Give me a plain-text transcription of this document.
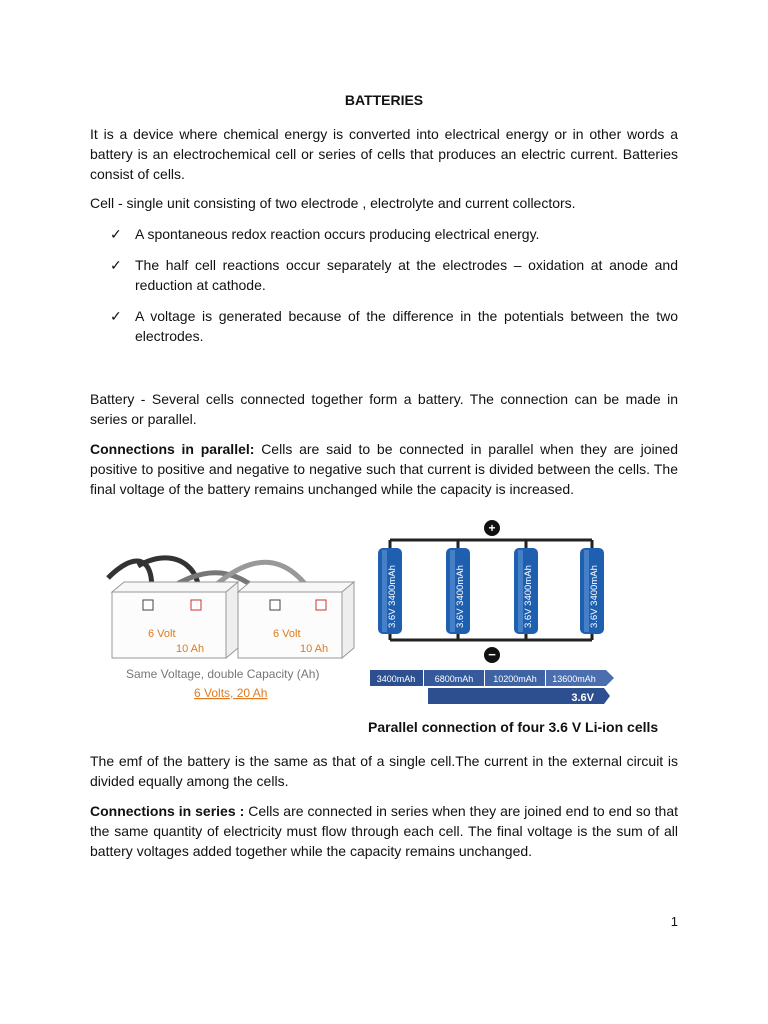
BATTERIES

It is a device where chemical energy is converted into electrical energy or in other words a battery is an electrochemical cell or series of cells that produces an electric current. Batteries consist of cells.

Cell - single unit consisting of two electrode , electrolyte and current collectors.

✓ A spontaneous redox reaction occurs producing electrical energy.
✓ The half cell reactions occur separately at the electrodes – oxidation at anode and reduction at cathode.
✓ A voltage is generated because of the difference in the potentials between the two electrodes.

Battery - Several cells connected together form a battery. The connection can be made in series or parallel.

Connections in parallel: Cells are said to be connected in parallel when they are joined positive to positive and negative to negative such that current is divided between the cells. The final voltage of the battery remains unchanged while the capacity is increased.

6 Volt
10 Ah
6 Volt
10 Ah
Same Voltage, double Capacity (Ah)
6 Volts, 20 Ah
+
−
3.6V 3400mAh	3.6V 3400mAh	3.6V 3400mAh	3.6V 3400mAh
3400mAh 6800mAh 10200mAh 13600mAh
3.6V

Parallel connection of four 3.6 V Li-ion cells

The emf of the battery is the same as that of a single cell.The current in the external circuit is divided equally among the cells.

Connections in series : Cells are connected in series when they are joined end to end so that the same quantity of electricity must flow through each cell. The final voltage is the sum of all battery voltages added together while the capacity remains unchanged.

1
